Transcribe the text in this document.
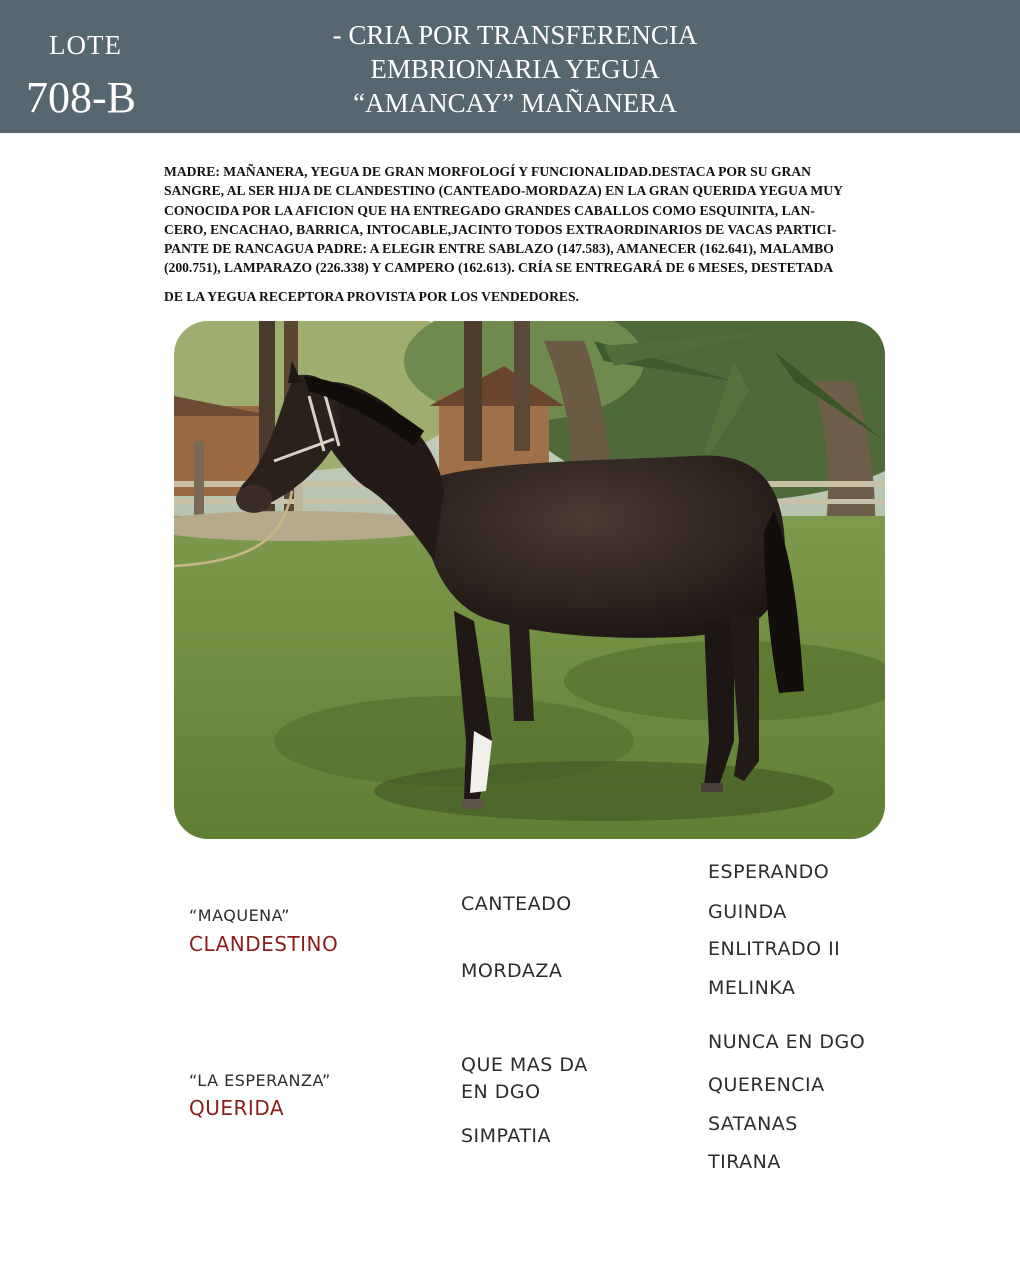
LOTE
708-B
- CRIA POR TRANSFERENCIA
EMBRIONARIA YEGUA
“AMANCAY” MAÑANERA
MADRE: MAÑANERA, YEGUA DE GRAN MORFOLOGÍ Y FUNCIONALIDAD.DESTACA POR SU GRAN
SANGRE, AL SER HIJA DE CLANDESTINO (CANTEADO-MORDAZA) EN LA GRAN QUERIDA YEGUA MUY
CONOCIDA POR LA AFICION QUE HA ENTREGADO GRANDES CABALLOS COMO ESQUINITA, LAN-
CERO, ENCACHAO, BARRICA, INTOCABLE,JACINTO TODOS EXTRAORDINARIOS DE VACAS PARTICI-
PANTE DE RANCAGUA PADRE: A ELEGIR ENTRE SABLAZO (147.583), AMANECER (162.641), MALAMBO
(200.751), LAMPARAZO (226.338) Y CAMPERO (162.613). CRÍA SE ENTREGARÁ DE 6 MESES, DESTETADA
DE LA YEGUA RECEPTORA PROVISTA POR LOS VENDEDORES.
“MAQUENA”
CLANDESTINO
CANTEADO
MORDAZA
ESPERANDO
GUINDA
ENLITRADO II
MELINKA
“LA ESPERANZA”
QUERIDA
QUE MAS DA
EN DGO
SIMPATIA
NUNCA EN DGO
QUERENCIA
SATANAS
TIRANA
